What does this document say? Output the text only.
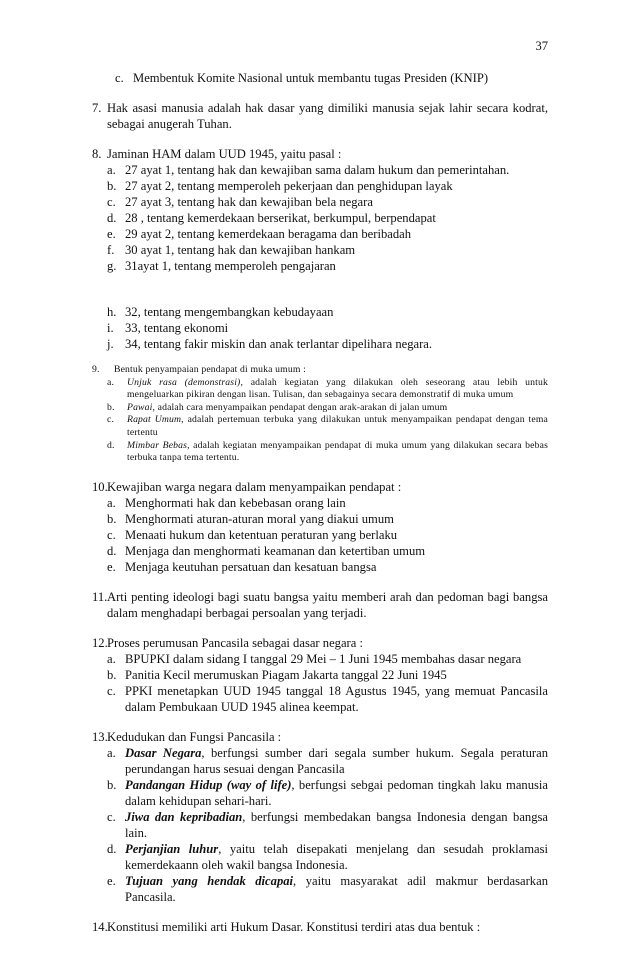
37
c. Membentuk Komite Nasional untuk membantu tugas Presiden (KNIP)
7. Hak asasi manusia adalah hak dasar yang dimiliki manusia sejak lahir secara kodrat, sebagai anugerah Tuhan.
8. Jaminan HAM dalam UUD 1945, yaitu pasal :
a. 27 ayat 1, tentang hak dan kewajiban sama dalam hukum dan pemerintahan.
b. 27 ayat 2, tentang memperoleh pekerjaan dan penghidupan layak
c. 27 ayat 3, tentang hak dan kewajiban bela negara
d. 28 , tentang kemerdekaan berserikat, berkumpul, berpendapat
e. 29 ayat 2, tentang kemerdekaan beragama dan beribadah
f. 30 ayat 1, tentang hak dan kewajiban hankam
g. 31ayat 1, tentang memperoleh pengajaran
h. 32, tentang mengembangkan kebudayaan
i. 33, tentang ekonomi
j. 34, tentang fakir miskin dan anak terlantar dipelihara negara.
9.	Bentuk penyampaian pendapat di muka umum :
a.	Unjuk rasa (demonstrasi), adalah kegiatan yang dilakukan oleh seseorang atau lebih untuk mengeluarkan pikiran dengan lisan. Tulisan, dan sebagainya secara demonstratif di muka umum
b.	Pawai, adalah cara menyampaikan pendapat dengan arak-arakan di jalan umum
c.	Rapat Umum, adalah pertemuan terbuka yang dilakukan untuk menyampaikan pendapat dengan tema tertentu
d.	Mimbar Bebas, adalah kegiatan menyampaikan pendapat di muka umum yang dilakukan secara bebas terbuka tanpa tema tertentu.
10. Kewajiban warga negara dalam menyampaikan pendapat :
a. Menghormati hak dan kebebasan orang lain
b. Menghormati aturan-aturan moral yang diakui umum
c. Menaati hukum dan ketentuan peraturan yang berlaku
d. Menjaga dan menghormati keamanan dan ketertiban umum
e. Menjaga keutuhan persatuan dan kesatuan bangsa
11. Arti penting ideologi bagi suatu bangsa yaitu memberi arah dan pedoman bagi bangsa dalam menghadapi berbagai persoalan yang terjadi.
12. Proses perumusan Pancasila sebagai dasar negara :
a. BPUPKI dalam sidang I tanggal 29 Mei – 1 Juni 1945 membahas dasar negara
b. Panitia Kecil merumuskan Piagam Jakarta tanggal 22 Juni 1945
c. PPKI menetapkan UUD 1945 tanggal 18 Agustus 1945, yang memuat Pancasila dalam Pembukaan UUD 1945 alinea keempat.
13. Kedudukan dan Fungsi Pancasila :
a. Dasar Negara, berfungsi sumber dari segala sumber hukum. Segala peraturan perundangan harus sesuai dengan Pancasila
b. Pandangan Hidup (way of life), berfungsi sebgai pedoman tingkah laku manusia dalam kehidupan sehari-hari.
c. Jiwa dan kepribadian, berfungsi membedakan bangsa Indonesia dengan bangsa lain.
d. Perjanjian luhur, yaitu telah disepakati menjelang dan sesudah proklamasi kemerdekaann oleh wakil bangsa Indonesia.
e. Tujuan yang hendak dicapai, yaitu masyarakat adil makmur berdasarkan Pancasila.
14. Konstitusi memiliki arti Hukum Dasar. Konstitusi terdiri atas dua bentuk :
